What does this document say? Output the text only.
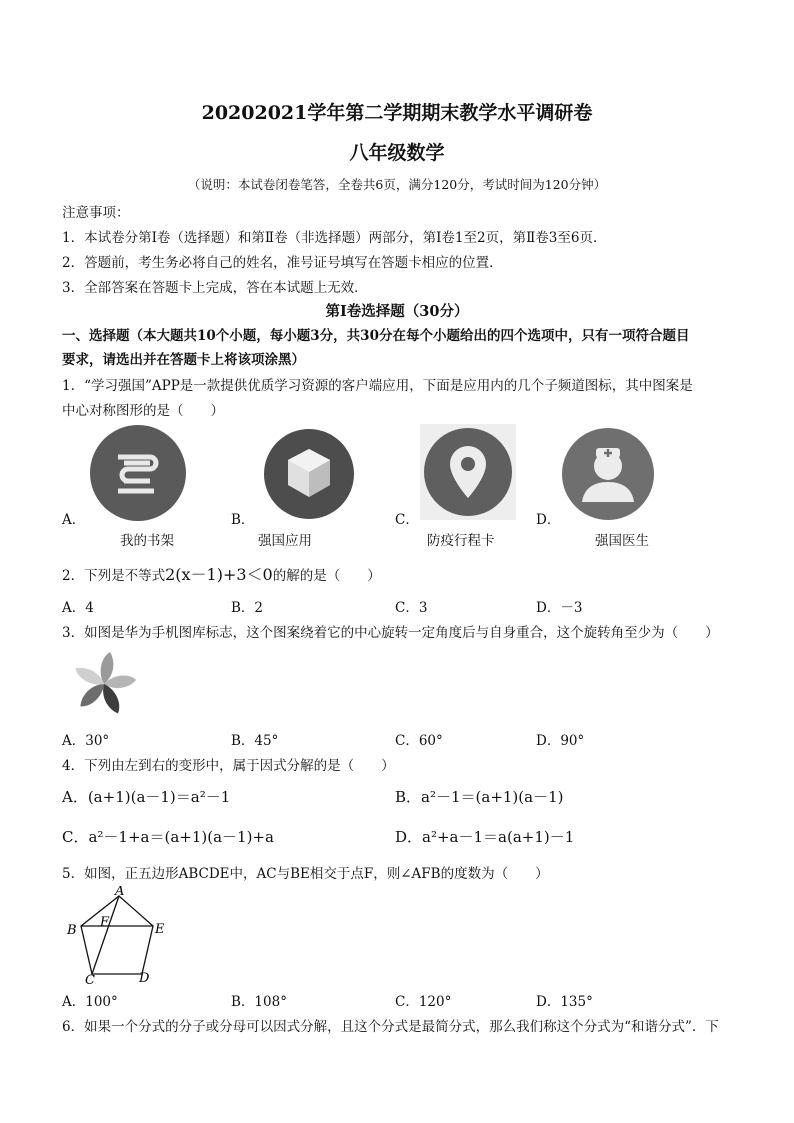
20202021学年第二学期期末教学水平调研卷
八年级数学
（说明：本试卷闭卷笔答，全卷共6页，满分120分，考试时间为120分钟）
注意事项：
1．本试卷分第Ⅰ卷（选择题）和第Ⅱ卷（非选择题）两部分，第Ⅰ卷1至2页，第Ⅱ卷3至6页．
2．答题前，考生务必将自己的姓名，准号证号填写在答题卡相应的位置．
3．全部答案在答题卡上完成，答在本试题上无效．
第Ⅰ卷选择题（30分）
一、选择题（本大题共10个小题，每小题3分，共30分在每个小题给出的四个选项中，只有一项符合题目
要求，请选出并在答题卡上将该项涂黑）
1．“学习强国”APP是一款提供优质学习资源的客户端应用，下面是应用内的几个子频道图标，其中图案是
中心对称图形的是（　　）
A．	B．	C．	D．
我的书架	强国应用	防疫行程卡	强国医生
2．下列是不等式2(x－1)+3＜0的解的是（　　）
A．4	B．2	C．3	D．－3
3．如图是华为手机图库标志，这个图案绕着它的中心旋转一定角度后与自身重合，这个旋转角至少为（　　）
A．30°	B．45°	C．60°	D．90°
4．下列由左到右的变形中，属于因式分解的是（　　）
A．(a+1)(a－1)＝a²－1	B．a²－1＝(a+1)(a－1)
C．a²－1+a＝(a+1)(a－1)+a	D．a²+a－1＝a(a+1)－1
5．如图，正五边形ABCDE中，AC与BE相交于点F，则∠AFB的度数为（　　）
A
B
C	D
E
F
A．100°	B．108°	C．120°	D．135°
6．如果一个分式的分子或分母可以因式分解，且这个分式是最简分式，那么我们称这个分式为“和谐分式”．下
